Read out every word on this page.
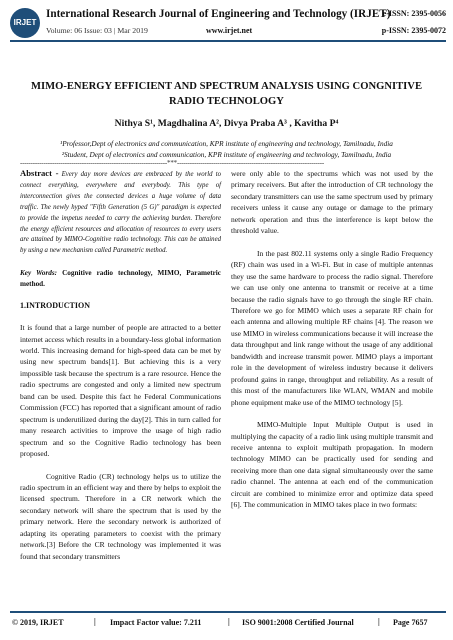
IRJET
International Research Journal of Engineering and Technology (IRJET)
Volume: 06 Issue: 03 | Mar 2019	www.irjet.net
e-ISSN: 2395-0056
p-ISSN: 2395-0072
MIMO-ENERGY EFFICIENT AND SPECTRUM ANALYSIS USING CONGNITIVE RADIO TECHNOLOGY
Nithya S¹, Magdhalina A², Divya Praba A³ , Kavitha P⁴
¹Professor,Dept of electronics and communication, KPR institute of engineering and technology, Tamilnadu, India
²Student, Dept of electronics and communication, KPR institute of engineering and technology, Tamilnadu, India
---------------------------------------------------------------------***---------------------------------------------------------------------

Abstract - Every day more devices are embraced by the world to connect everything, everywhere and everybody. This type of interconnection gives the connected devices a huge volume of data traffic. The newly hyped "Fifth Generation (5 G)" paradigm is expected to provide the impetus needed to carry the achieving burden. Therefore the energy efficient resources and allocation of resources to every users are attained by MIMO-Cognitive radio technology. This can be attained by using a new mechanism called Parametric method.

Key Words: Cognitive radio technology, MIMO, Parametric method.

1.INTRODUCTION

It is found that a large number of people are attracted to a better internet access which results in a boundary-less global information world. This increasing demand for high-speed data can be met by using new spectrum bands[1]. But achieving this is a very impossible task because the spectrum is a rare resource. Hence the radio spectrums are congested and only a limited new spectrum band can be used. Despite this fact he Federal Communications Commission (FCC) has reported that a significant amount of radio spectrum is underutilized during the day[2]. This in turn called for many research activities to improve the usage of high radio spectrum and so the Cognitive Radio technology has been proposed.

Cognitive Radio (CR) technology helps us to utilize the radio spectrum in an efficient way and there by helps to exploit the licensed spectrum. Therefore in a CR network which the secondary network will share the spectrum that is used by the primary network. Here the secondary network is authorized of adapting its operating parameters to coexist with the primary network.[3] Before the CR technology was implemented it was found that secondary transmitters

were only able to the spectrums which was not used by the primary receivers. But after the introduction of CR technology the secondary transmitters can use the same spectrum used by primary receivers unless it cause any outage or damage to the primary network operation and thus the interference is kept below the threshold value.

In the past 802.11 systems only a single Radio Frequency (RF) chain was used in a Wi-Fi. But in case of multiple antennas they use the same hardware to process the radio signal. Therefore we can use only one antenna to transmit or receive at a time because the radio signals have to go through the single RF chain. Therefore we go for MIMO which uses a separate RF chain for each antenna and allowing multiple RF chains [4]. The reason we use MIMO in wireless communications because it will increase the data throughput and link range without the usage of any additional bandwidth and increase transmit power. MIMO plays a important role in the development of wireless industry because it delivers profound gains in range, throughput and reliability. As a result of this most of the manufacturers like WLAN, WMAN and mobile phone equipment make use of the MIMO technology [5].

MIMO-Multiple Input Multiple Output is used in multiplying the capacity of a radio link using multiple transmit and receive antenna to exploit multipath propagation. In modern technology MIMO can be practically used for sending and receiving more than one data signal simultaneously over the same radio channel. The antenna at each end of the communication circuit are combined to minimize error and optimize data speed [6]. The communication in MIMO takes place in two formats:

© 2019, IRJET	| Impact Factor value: 7.211	| ISO 9001:2008 Certified Journal	| Page 7657
